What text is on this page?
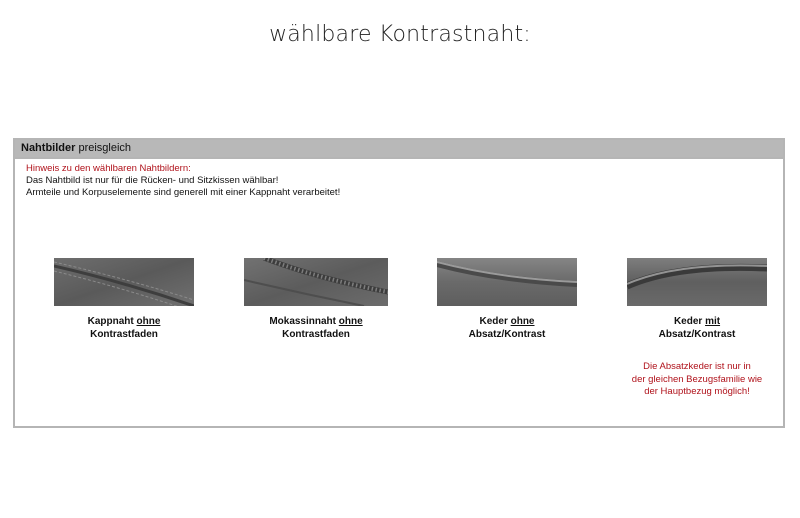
wählbare Kontrastnaht:
Nahtbilder preisgleich
Hinweis zu den wählbaren Nahtbildern:
Das Nahtbild ist nur für die Rücken- und Sitzkissen wählbar!
Armteile und Korpuselemente sind generell mit einer Kappnaht verarbeitet!
Kappnaht ohne
Kontrastfaden
Mokassinnaht ohne
Kontrastfaden
Keder ohne
Absatz/Kontrast
Keder mit
Absatz/Kontrast
Die Absatzkeder ist nur in
der gleichen Bezugsfamilie wie
der Hauptbezug möglich!
